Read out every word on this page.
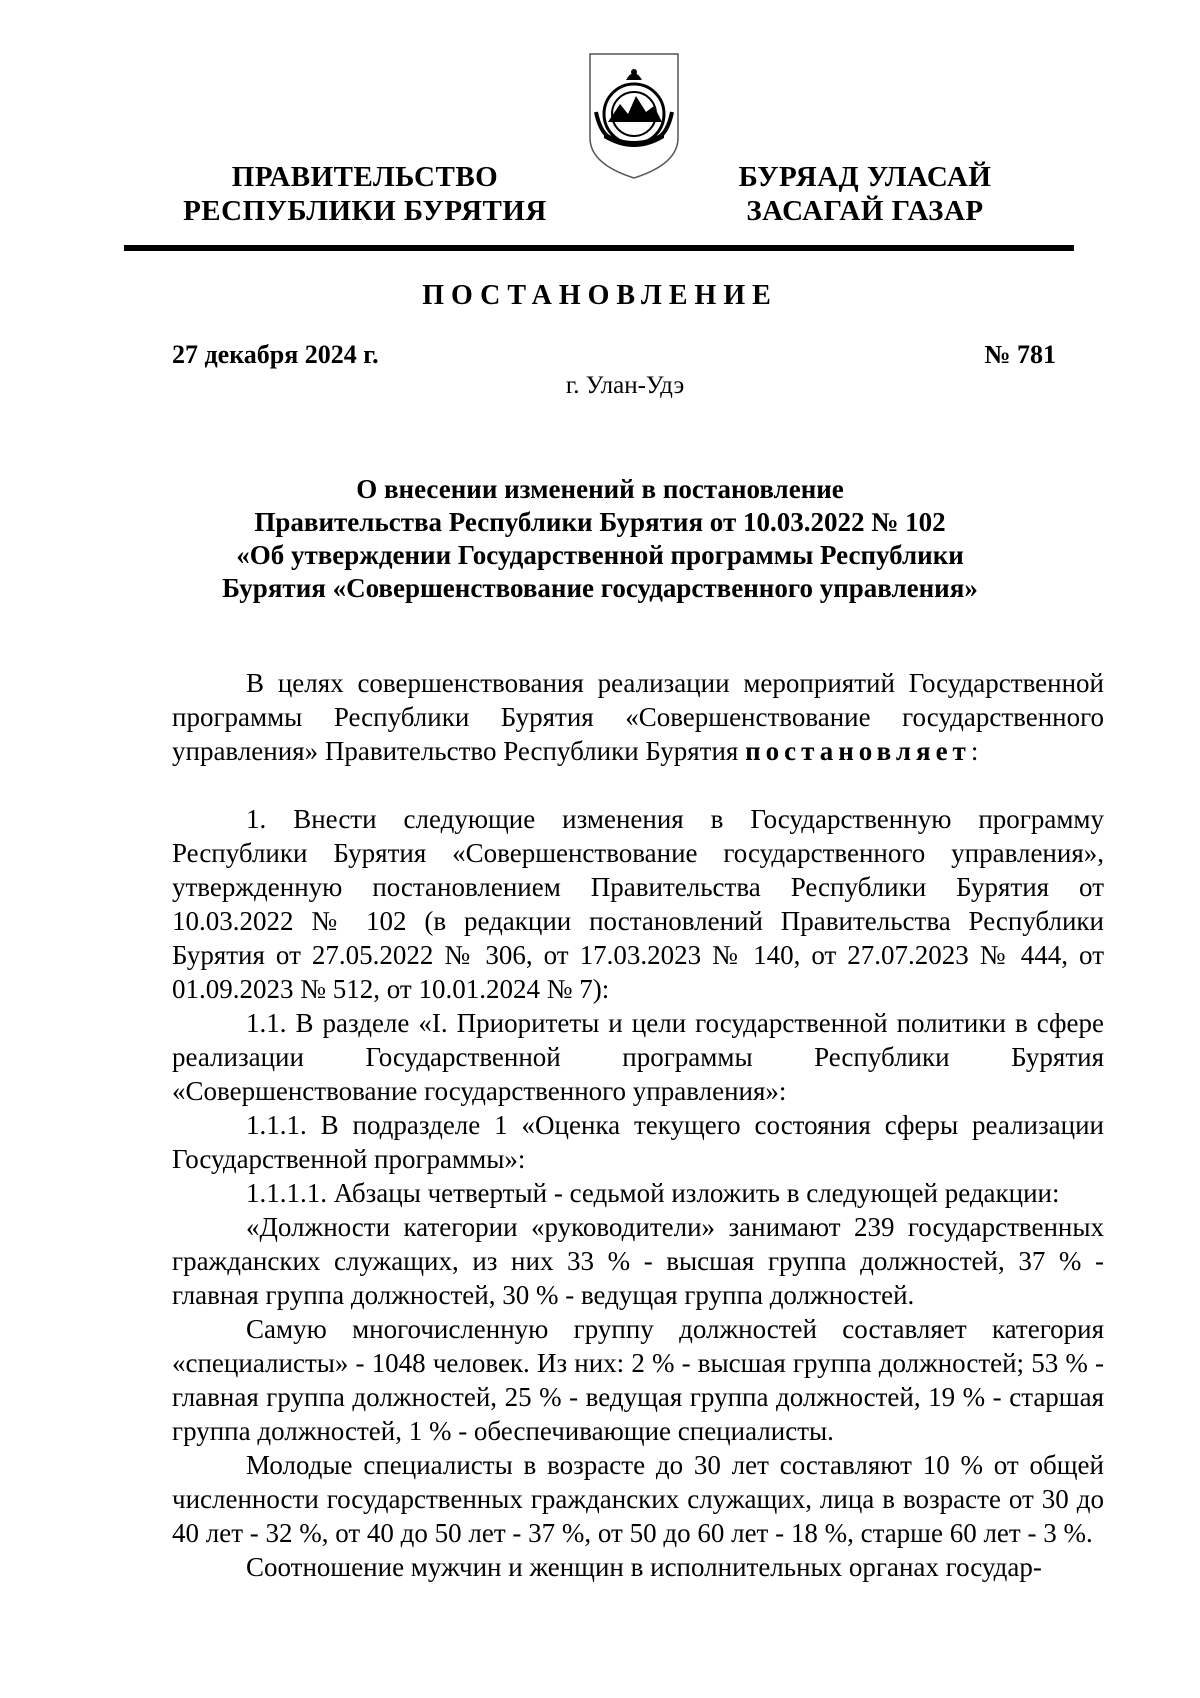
ПРАВИТЕЛЬСТВО
РЕСПУБЛИКИ БУРЯТИЯ
БУРЯАД УЛАСАЙ
ЗАСАГАЙ ГАЗАР
ПОСТАНОВЛЕНИЕ
27 декабря 2024 г.	№ 781
г. Улан-Удэ
О внесении изменений в постановление
Правительства Республики Бурятия от 10.03.2022 № 102
«Об утверждении Государственной программы Республики
Бурятия «Совершенствование государственного управления»

В целях совершенствования реализации мероприятий Государственной программы Республики Бурятия «Совершенствование государственного управления» Правительство Республики Бурятия постановляет:

1. Внести следующие изменения в Государственную программу Республики Бурятия «Совершенствование государственного управления», утвержденную постановлением Правительства Республики Бурятия от 10.03.2022 № 102 (в редакции постановлений Правительства Республики Бурятия от 27.05.2022 № 306, от 17.03.2023 № 140, от 27.07.2023 № 444, от 01.09.2023 № 512, от 10.01.2024 № 7):

1.1. В разделе «I. Приоритеты и цели государственной политики в сфере реализации Государственной программы Республики Бурятия «Совершенствование государственного управления»:

1.1.1. В подразделе 1 «Оценка текущего состояния сферы реализации Государственной программы»:

1.1.1.1. Абзацы четвертый - седьмой изложить в следующей редакции:

«Должности категории «руководители» занимают 239 государственных гражданских служащих, из них 33 % - высшая группа должностей, 37 % - главная группа должностей, 30 % - ведущая группа должностей.

Самую многочисленную группу должностей составляет категория «специалисты» - 1048 человек. Из них: 2 % - высшая группа должностей; 53 % - главная группа должностей, 25 % - ведущая группа должностей, 19 % - старшая группа должностей, 1 % - обеспечивающие специалисты.

Молодые специалисты в возрасте до 30 лет составляют 10 % от общей численности государственных гражданских служащих, лица в возрасте от 30 до 40 лет - 32 %, от 40 до 50 лет - 37 %, от 50 до 60 лет - 18 %, старше 60 лет - 3 %.

Соотношение мужчин и женщин в исполнительных органах государ-
